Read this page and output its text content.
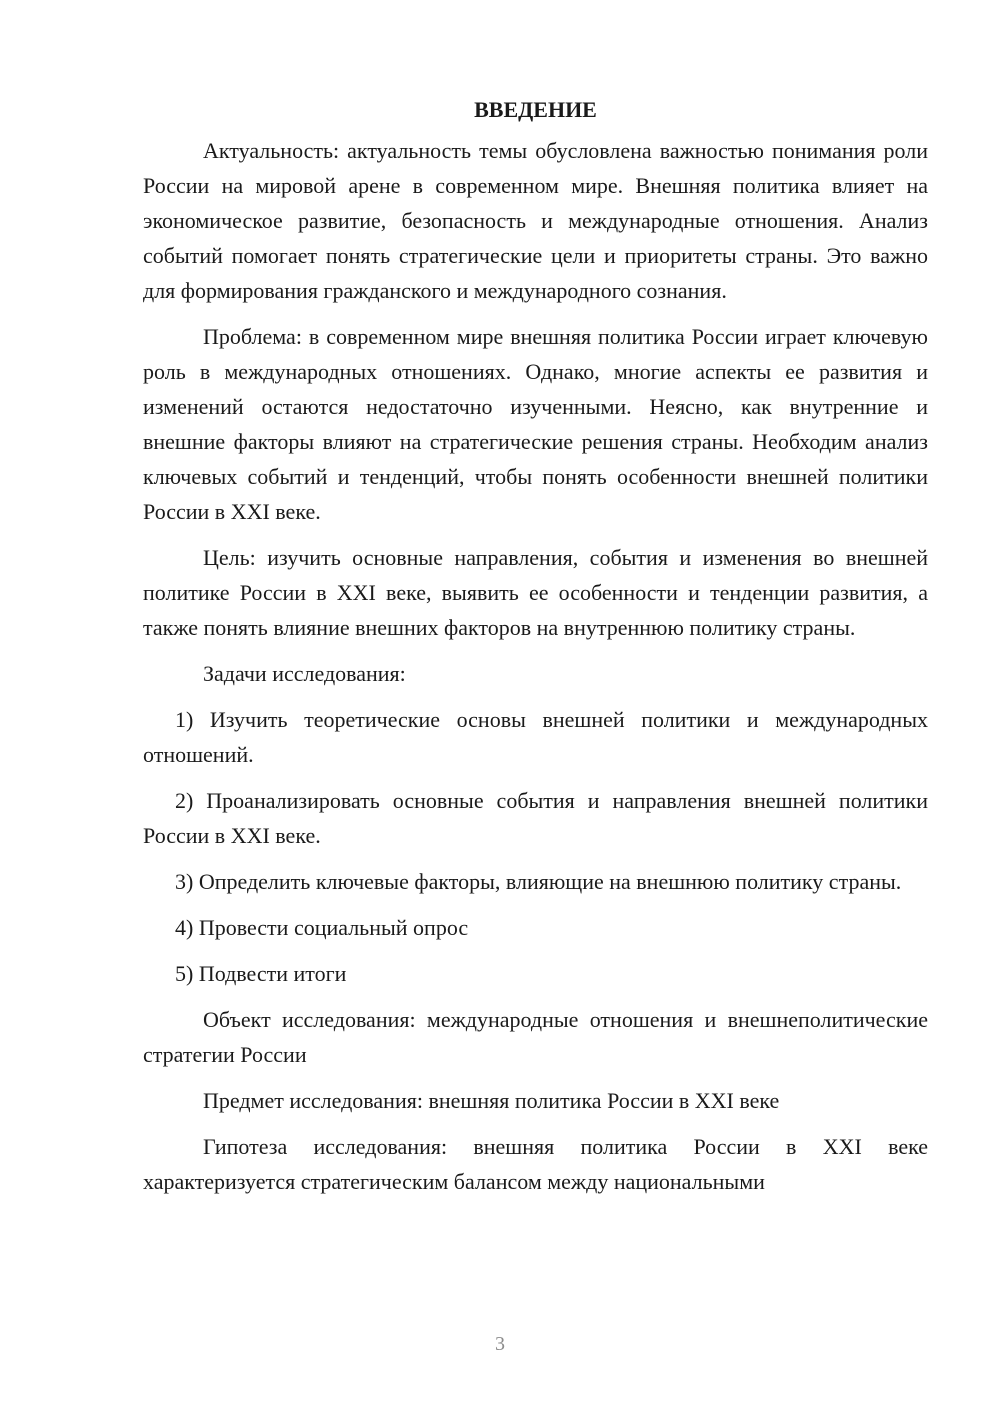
ВВЕДЕНИЕ

Актуальность: актуальность темы обусловлена важностью понимания роли России на мировой арене в современном мире. Внешняя политика влияет на экономическое развитие, безопасность и международные отношения. Анализ событий помогает понять стратегические цели и приоритеты страны. Это важно для формирования гражданского и международного сознания.

Проблема: в современном мире внешняя политика России играет ключевую роль в международных отношениях. Однако, многие аспекты ее развития и изменений остаются недостаточно изученными. Неясно, как внутренние и внешние факторы влияют на стратегические решения страны. Необходим анализ ключевых событий и тенденций, чтобы понять особенности внешней политики России в XXI веке.

Цель: изучить основные направления, события и изменения во внешней политике России в XXI веке, выявить ее особенности и тенденции развития, а также понять влияние внешних факторов на внутреннюю политику страны.

Задачи исследования:

1) Изучить теоретические основы внешней политики и международных отношений.

2) Проанализировать основные события и направления внешней политики России в XXI веке.

3) Определить ключевые факторы, влияющие на внешнюю политику страны.

4) Провести социальный опрос

5) Подвести итоги

Объект исследования: международные отношения и внешнеполитические стратегии России

Предмет исследования: внешняя политика России в XXI веке

Гипотеза исследования: внешняя политика России в XXI веке характеризуется стратегическим балансом между национальными

3
